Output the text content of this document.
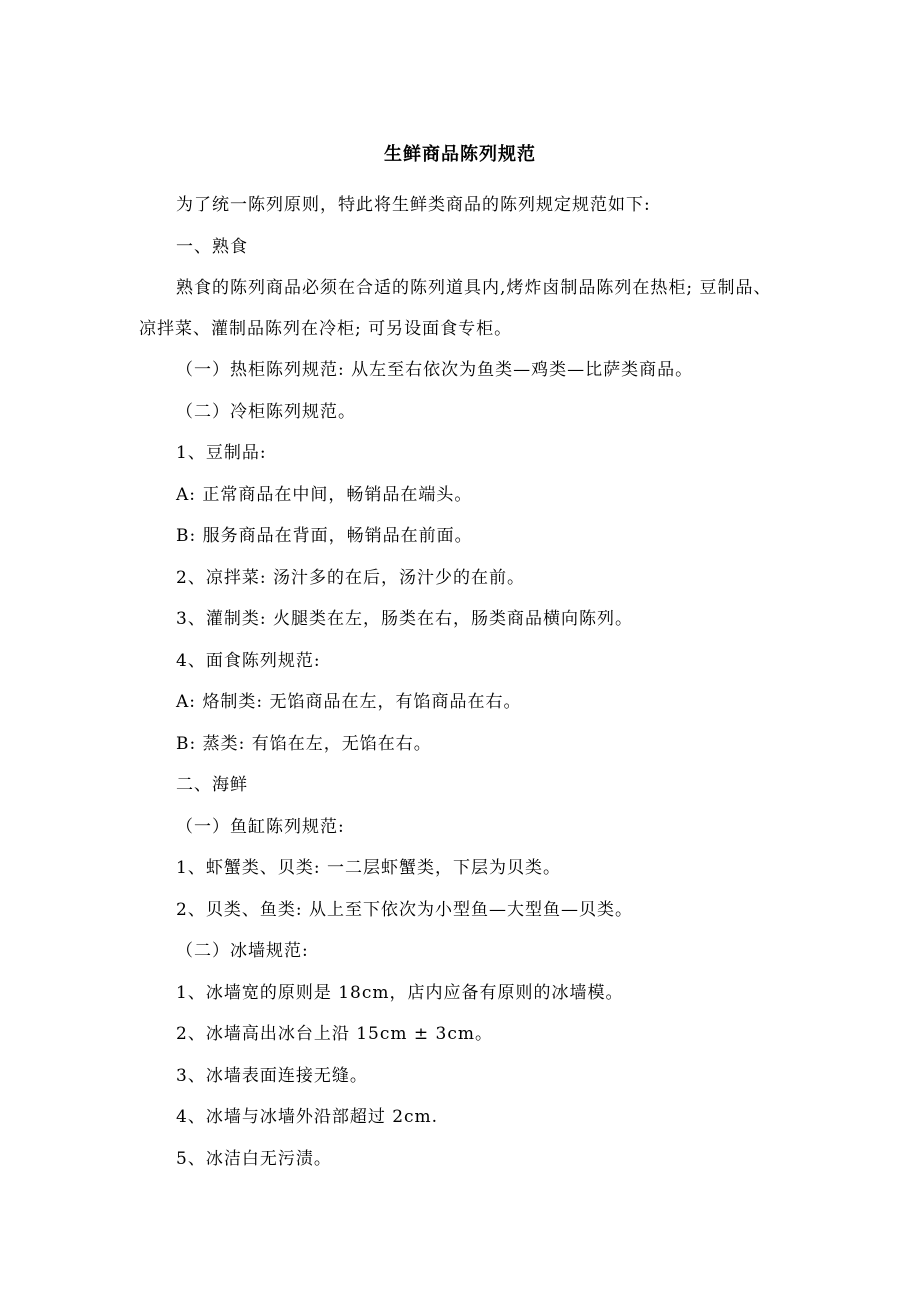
生鲜商品陈列规范
为了统一陈列原则，特此将生鲜类商品的陈列规定规范如下:
一、熟食
熟食的陈列商品必须在合适的陈列道具内,烤炸卤制品陈列在热柜; 豆制品、
凉拌菜、灌制品陈列在冷柜; 可另设面食专柜。
（一）热柜陈列规范: 从左至右依次为鱼类—鸡类—比萨类商品。
（二）冷柜陈列规范。
1、豆制品:
A: 正常商品在中间，畅销品在端头。
B: 服务商品在背面，畅销品在前面。
2、凉拌菜: 汤汁多的在后，汤汁少的在前。
3、灌制类: 火腿类在左，肠类在右，肠类商品横向陈列。
4、面食陈列规范:
A: 烙制类: 无馅商品在左，有馅商品在右。
B: 蒸类: 有馅在左，无馅在右。
二、海鲜
（一）鱼缸陈列规范:
1、虾蟹类、贝类: 一二层虾蟹类，下层为贝类。
2、贝类、鱼类: 从上至下依次为小型鱼—大型鱼—贝类。
（二）冰墙规范:
1、冰墙宽的原则是 18cm，店内应备有原则的冰墙模。
2、冰墙高出冰台上沿 15cm ± 3cm。
3、冰墙表面连接无缝。
4、冰墙与冰墙外沿部超过 2cm.
5、冰洁白无污渍。
